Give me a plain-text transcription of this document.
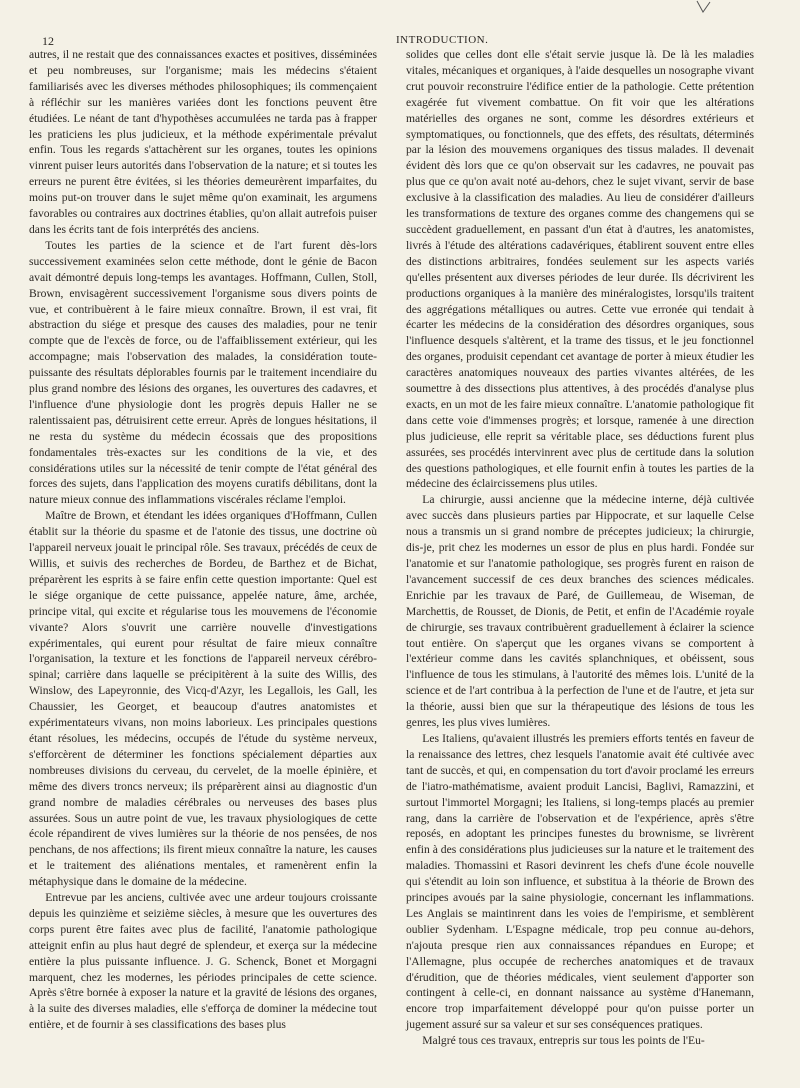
12	INTRODUCTION.

autres, il ne restait que des connaissances exactes et positives, disséminées et peu nombreuses, sur l'organisme; mais les médecins s'étaient familiarisés avec les diverses méthodes philosophiques; ils commençaient à réfléchir sur les manières variées dont les fonctions peuvent être étudiées. Le néant de tant d'hypothèses accumulées ne tarda pas à frapper les praticiens les plus judicieux, et la méthode expérimentale prévalut enfin. Tous les regards s'attachèrent sur les organes, toutes les opinions vinrent puiser leurs autorités dans l'observation de la nature; et si toutes les erreurs ne purent être évitées, si les théories demeurèrent imparfaites, du moins put-on trouver dans le sujet même qu'on examinait, les argumens favorables ou contraires aux doctrines établies, qu'on allait autrefois puiser dans les écrits tant de fois interprétés des anciens.

Toutes les parties de la science et de l'art furent dès-lors successivement examinées selon cette méthode, dont le génie de Bacon avait démontré depuis long-temps les avantages. Hoffmann, Cullen, Stoll, Brown, envisagèrent successivement l'organisme sous divers points de vue, et contribuèrent à le faire mieux connaître. Brown, il est vrai, fit abstraction du siége et presque des causes des maladies, pour ne tenir compte que de l'excès de force, ou de l'affaiblissement extérieur, qui les accompagne; mais l'observation des malades, la considération toute-puissante des résultats déplorables fournis par le traitement incendiaire du plus grand nombre des lésions des organes, les ouvertures des cadavres, et l'influence d'une physiologie dont les progrès depuis Haller ne se ralentissaient pas, détruisirent cette erreur. Après de longues hésitations, il ne resta du système du médecin écossais que des propositions fondamentales très-exactes sur les conditions de la vie, et des considérations utiles sur la nécessité de tenir compte de l'état général des forces des sujets, dans l'application des moyens curatifs débilitans, dont la nature mieux connue des inflammations viscérales réclame l'emploi.

Maître de Brown, et étendant les idées organiques d'Hoffmann, Cullen établit sur la théorie du spasme et de l'atonie des tissus, une doctrine où l'appareil nerveux jouait le principal rôle. Ses travaux, précédés de ceux de Willis, et suivis des recherches de Bordeu, de Barthez et de Bichat, préparèrent les esprits à se faire enfin cette question importante: Quel est le siége organique de cette puissance, appelée nature, âme, archée, principe vital, qui excite et régularise tous les mouvemens de l'économie vivante? Alors s'ouvrit une carrière nouvelle d'investigations expérimentales, qui eurent pour résultat de faire mieux connaître l'organisation, la texture et les fonctions de l'appareil nerveux cérébro-spinal; carrière dans laquelle se précipitèrent à la suite des Willis, des Winslow, des Lapeyronnie, des Vicq-d'Azyr, les Legallois, les Gall, les Chaussier, les Georget, et beaucoup d'autres anatomistes et expérimentateurs vivans, non moins laborieux. Les principales questions étant résolues, les médecins, occupés de l'étude du système nerveux, s'efforcèrent de déterminer les fonctions spécialement départies aux nombreuses divisions du cerveau, du cervelet, de la moelle épinière, et même des divers troncs nerveux; ils préparèrent ainsi au diagnostic d'un grand nombre de maladies cérébrales ou nerveuses des bases plus assurées. Sous un autre point de vue, les travaux physiologiques de cette école répandirent de vives lumières sur la théorie de nos pensées, de nos penchans, de nos affections; ils firent mieux connaître la nature, les causes et le traitement des aliénations mentales, et ramenèrent enfin la métaphysique dans le domaine de la médecine.

Entrevue par les anciens, cultivée avec une ardeur toujours croissante depuis les quinzième et seizième siècles, à mesure que les ouvertures des corps purent être faites avec plus de facilité, l'anatomie pathologique atteignit enfin au plus haut degré de splendeur, et exerça sur la médecine entière la plus puissante influence. J. G. Schenck, Bonet et Morgagni marquent, chez les modernes, les périodes principales de cette science. Après s'être bornée à exposer la nature et la gravité de lésions des organes, à la suite des diverses maladies, elle s'efforça de dominer la médecine tout entière, et de fournir à ses classifications des bases plus

solides que celles dont elle s'était servie jusque là. De là les maladies vitales, mécaniques et organiques, à l'aide desquelles un nosographe vivant crut pouvoir reconstruire l'édifice entier de la pathologie. Cette prétention exagérée fut vivement combattue. On fit voir que les altérations matérielles des organes ne sont, comme les désordres extérieurs et symptomatiques, ou fonctionnels, que des effets, des résultats, déterminés par la lésion des mouvemens organiques des tissus malades. Il devenait évident dès lors que ce qu'on observait sur les cadavres, ne pouvait pas plus que ce qu'on avait noté au-dehors, chez le sujet vivant, servir de base exclusive à la classification des maladies. Au lieu de considérer d'ailleurs les transformations de texture des organes comme des changemens qui se succèdent graduellement, en passant d'un état à d'autres, les anatomistes, livrés à l'étude des altérations cadavériques, établirent souvent entre elles des distinctions arbitraires, fondées seulement sur les aspects variés qu'elles présentent aux diverses périodes de leur durée. Ils décrivirent les productions organiques à la manière des minéralogistes, lorsqu'ils traitent des aggrégations métalliques ou autres. Cette vue erronée qui tendait à écarter les médecins de la considération des désordres organiques, sous l'influence desquels s'altèrent, et la trame des tissus, et le jeu fonctionnel des organes, produisit cependant cet avantage de porter à mieux étudier les caractères anatomiques nouveaux des parties vivantes altérées, de les soumettre à des dissections plus attentives, à des procédés d'analyse plus exacts, en un mot de les faire mieux connaître. L'anatomie pathologique fit dans cette voie d'immenses progrès; et lorsque, ramenée à une direction plus judicieuse, elle reprit sa véritable place, ses déductions furent plus assurées, ses procédés intervinrent avec plus de certitude dans la solution des questions pathologiques, et elle fournit enfin à toutes les parties de la médecine des éclaircissemens plus utiles.

La chirurgie, aussi ancienne que la médecine interne, déjà cultivée avec succès dans plusieurs parties par Hippocrate, et sur laquelle Celse nous a transmis un si grand nombre de préceptes judicieux; la chirurgie, dis-je, prit chez les modernes un essor de plus en plus hardi. Fondée sur l'anatomie et sur l'anatomie pathologique, ses progrès furent en raison de l'avancement successif de ces deux branches des sciences médicales. Enrichie par les travaux de Paré, de Guillemeau, de Wiseman, de Marchettis, de Rousset, de Dionis, de Petit, et enfin de l'Académie royale de chirurgie, ses travaux contribuèrent graduellement à éclairer la science tout entière. On s'aperçut que les organes vivans se comportent à l'extérieur comme dans les cavités splanchniques, et obéissent, sous l'influence de tous les stimulans, à l'autorité des mêmes lois. L'unité de la science et de l'art contribua à la perfection de l'une et de l'autre, et jeta sur la théorie, aussi bien que sur la thérapeutique des lésions de tous les genres, les plus vives lumières.

Les Italiens, qu'avaient illustrés les premiers efforts tentés en faveur de la renaissance des lettres, chez lesquels l'anatomie avait été cultivée avec tant de succès, et qui, en compensation du tort d'avoir proclamé les erreurs de l'iatro-mathématisme, avaient produit Lancisi, Baglivi, Ramazzini, et surtout l'immortel Morgagni; les Italiens, si long-temps placés au premier rang, dans la carrière de l'observation et de l'expérience, après s'être reposés, en adoptant les principes funestes du brownisme, se livrèrent enfin à des considérations plus judicieuses sur la nature et le traitement des maladies. Thomassini et Rasori devinrent les chefs d'une école nouvelle qui s'étendit au loin son influence, et substitua à la théorie de Brown des principes avoués par la saine physiologie, concernant les inflammations. Les Anglais se maintinrent dans les voies de l'empirisme, et semblèrent oublier Sydenham. L'Espagne médicale, trop peu connue au-dehors, n'ajouta presque rien aux connaissances répandues en Europe; et l'Allemagne, plus occupée de recherches anatomiques et de travaux d'érudition, que de théories médicales, vient seulement d'apporter son contingent à celle-ci, en donnant naissance au système d'Hanemann, encore trop imparfaitement développé pour qu'on puisse porter un jugement assuré sur sa valeur et sur ses conséquences pratiques.

Malgré tous ces travaux, entrepris sur tous les points de l'Eu-
